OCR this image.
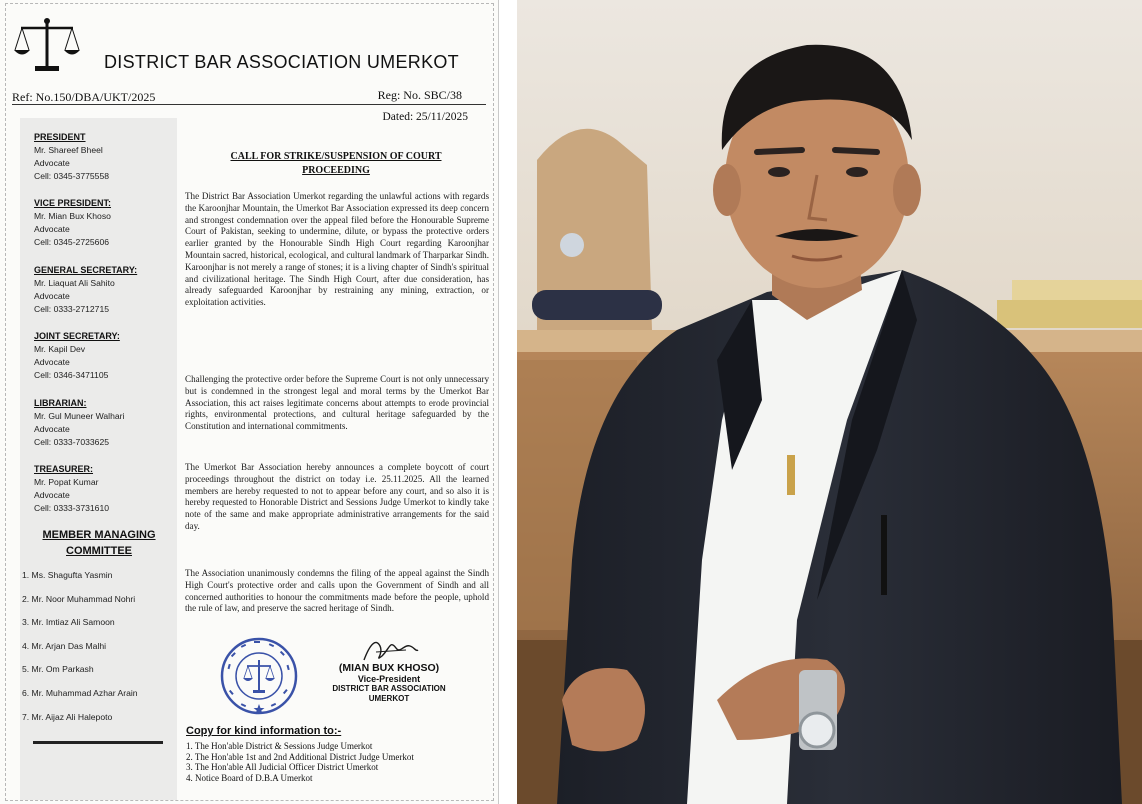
DISTRICT BAR ASSOCIATION UMERKOT
Ref: No.150/DBA/UKT/2025	Reg: No. SBC/38
Dated: 25/11/2025
PRESIDENT
Mr. Shareef Bheel
Advocate
Cell: 0345-3775558
VICE PRESIDENT:
Mr. Mian Bux Khoso
Advocate
Cell: 0345-2725606
GENERAL SECRETARY:
Mr. Liaquat Ali Sahito
Advocate
Cell: 0333-2712715
JOINT SECRETARY:
Mr. Kapil Dev
Advocate
Cell: 0346-3471105
LIBRARIAN:
Mr. Gul Muneer Walhari
Advocate
Cell: 0333-7033625
TREASURER:
Mr. Popat Kumar
Advocate
Cell: 0333-3731610
MEMBER MANAGING
COMMITTEE
1. Ms. Shagufta Yasmin
2. Mr. Noor Muhammad Nohri
3. Mr. Imtiaz Ali Samoon
4. Mr. Arjan Das Malhi
5. Mr. Om Parkash
6. Mr. Muhammad Azhar Arain
7. Mr. Aijaz Ali Halepoto
CALL FOR STRIKE/SUSPENSION OF COURT
PROCEEDING
The District Bar Association Umerkot regarding the unlawful actions with regards the Karoonjhar Mountain, the Umerkot Bar Association expressed its deep concern and strongest condemnation over the appeal filed before the Honourable Supreme Court of Pakistan, seeking to undermine, dilute, or bypass the protective orders earlier granted by the Honourable Sindh High Court regarding Karoonjhar Mountain sacred, historical, ecological, and cultural landmark of Tharparkar Sindh. Karoonjhar is not merely a range of stones; it is a living chapter of Sindh's spiritual and civilizational heritage. The Sindh High Court, after due consideration, has already safeguarded Karoonjhar by restraining any mining, extraction, or exploitation activities.
Challenging the protective order before the Supreme Court is not only unnecessary but is condemned in the strongest legal and moral terms by the Umerkot Bar Association, this act raises legitimate concerns about attempts to erode provincial rights, environmental protections, and cultural heritage safeguarded by the Constitution and international commitments.
The Umerkot Bar Association hereby announces a complete boycott of court proceedings throughout the district on today i.e. 25.11.2025. All the learned members are hereby requested to not to appear before any court, and so also it is hereby requested to Honorable District and Sessions Judge Umerkot to kindly take note of the same and make appropriate administrative arrangements for the said day.
The Association unanimously condemns the filing of the appeal against the Sindh High Court's protective order and calls upon the Government of Sindh and all concerned authorities to honour the commitments made before the people, uphold the rule of law, and preserve the sacred heritage of Sindh.
(MIAN BUX KHOSO)
Vice-President
DISTRICT BAR ASSOCIATION
UMERKOT
Copy for kind information to:-
1. The Hon'able District & Sessions Judge Umerkot
2. The Hon'able 1st and 2nd Additional District Judge Umerkot
3. The Hon'able All Judicial Officer District Umerkot
4. Notice Board of D.B.A Umerkot
